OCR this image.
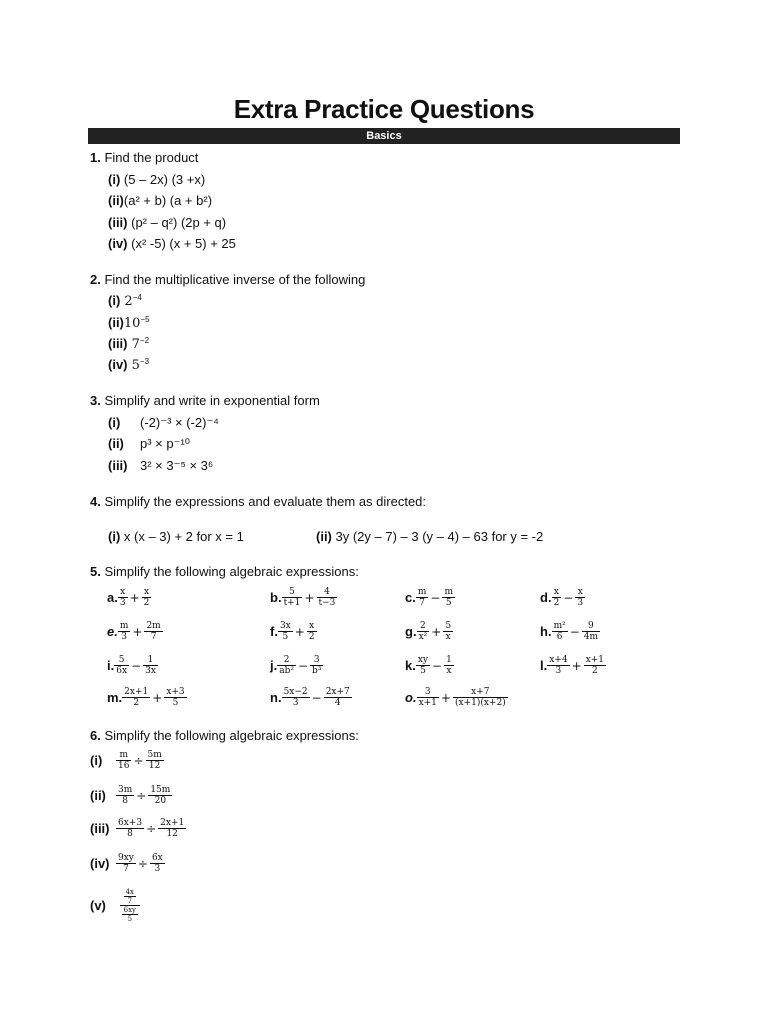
Extra Practice Questions
Basics
1. Find the product
(i) (5 – 2x) (3 +x)
(ii)(a² + b) (a + b²)
(iii) (p² – q²) (2p + q)
(iv) (x² -5) (x + 5) + 25
2. Find the multiplicative inverse of the following
(i) $2^{-4}$
$(ii)10^{-5}$
(iii) $7^{-2}$
(iv) $5^{-3}$
3. Simplify and write in exponential form
(i) (-2)⁻³ × (-2)⁻⁴
(ii) p³ × p⁻¹⁰
(iii) 3² × 3⁻⁵ × 3⁶
4. Simplify the expressions and evaluate them as directed:
(i) x (x – 3) + 2 for x = 1	(ii) 3y (2y – 7) – 3 (y – 4) – 63 for y = -2
5. Simplify the following algebraic expressions:
a. $\frac{x}{3} + \frac{x}{2}$	b. $\frac{5}{t+1} + \frac{4}{t-3}$	c. $\frac{m}{7} - \frac{m}{5}$	d. $\frac{x}{2} - \frac{x}{3}$
e. $\frac{m}{3} + \frac{2m}{7}$	f. $\frac{3x}{5} + \frac{x}{2}$	g. $\frac{2}{\text{x²}} + \frac{5}{x}$	h. $\frac{\text{m²}}{6} - \frac{9}{4m}$
i. $\frac{5}{6x} - \frac{1}{3x}$	j. $\frac{2}{\text{ab²}} - \frac{3}{\text{b³}}$	k. $\frac{xy}{5} - \frac{1}{x}$	l. $\frac{x+4}{3} + \frac{x+1}{2}$
m. $\frac{2x+1}{2} + \frac{x+3}{5}$	n. $\frac{5x-2}{3} - \frac{2x+7}{4}$	o. $\frac{3}{x+1} + \frac{x+7}{(x+1)(x+2)}$
6. Simplify the following algebraic expressions:
$(i) \frac{m}{16} \div \frac{5m}{12}$
$(ii) \frac{3m}{8} \div \frac{15m}{20}$
$(iii) \frac{6x+3}{8} \div \frac{2x+1}{12}$
$(iv) \frac{9xy}{7} \div \frac{6x}{3}$
$(v) \frac{\frac{4x}{7}}{\frac{6xy}{5}}$
